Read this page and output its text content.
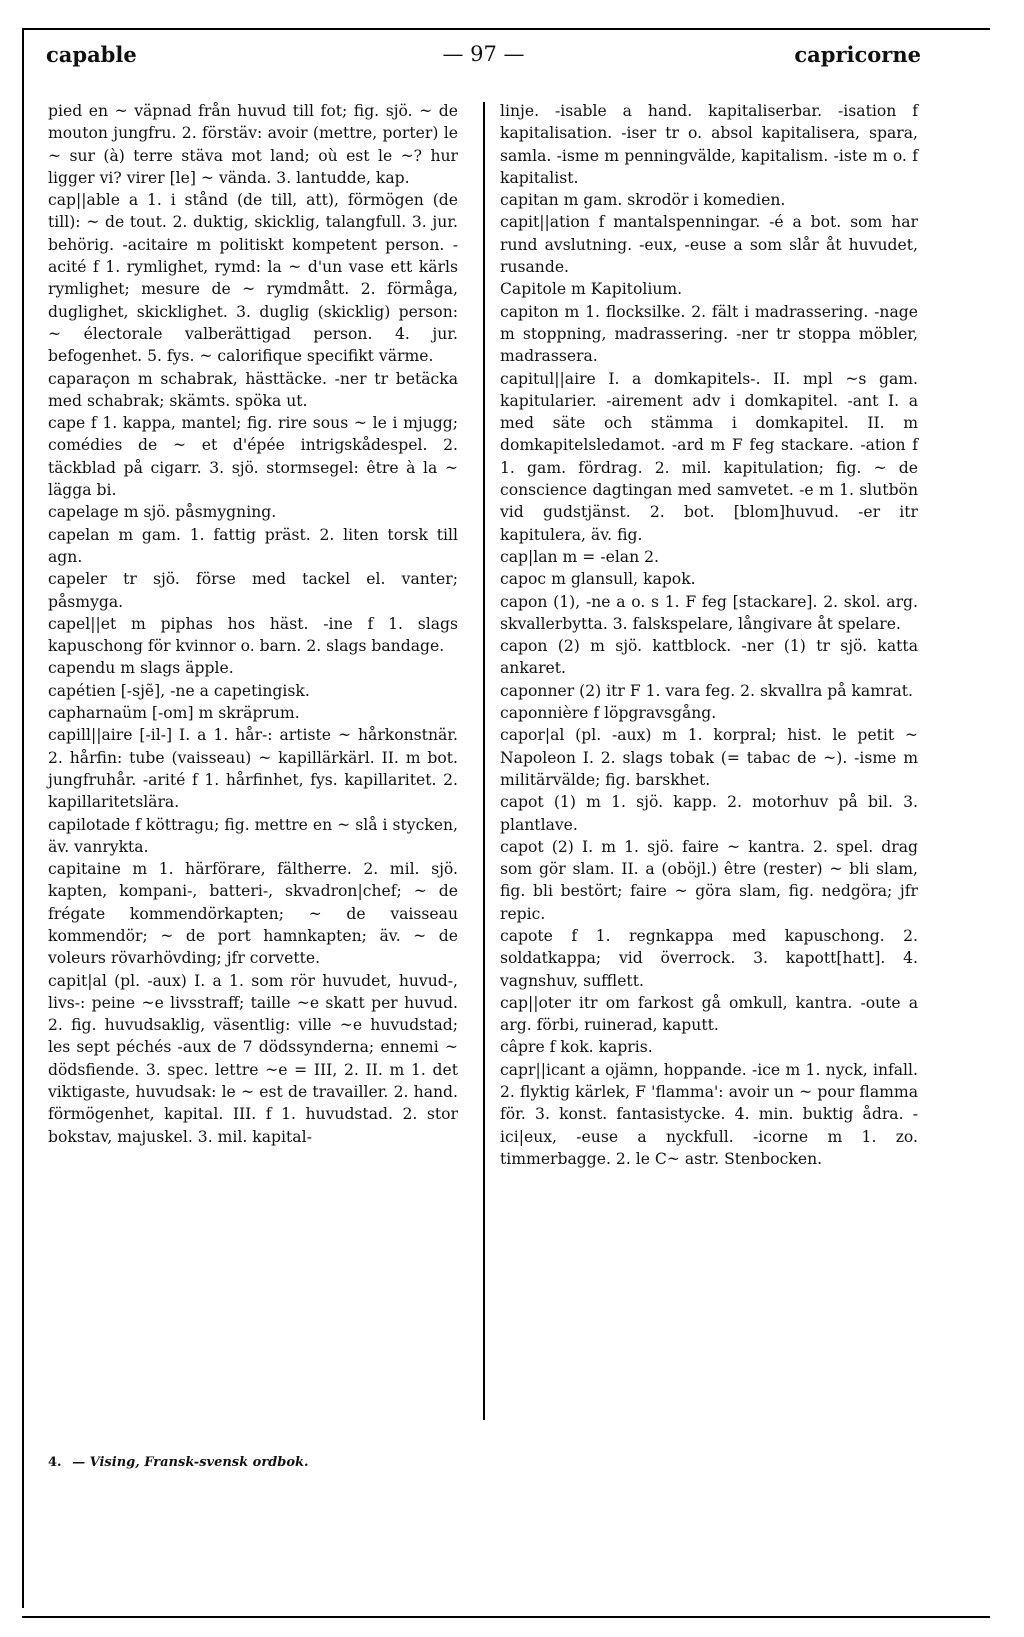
capable	— 97 —	capricorne

pied en ~ väpnad från huvud till fot; fig. sjö. ~ de mouton jungfru. 2. förstäv: avoir (mettre, porter) le ~ sur (à) terre stäva mot land; où est le ~? hur ligger vi? virer [le] ~ vända. 3. lantudde, kap.

cap||able a 1. i stånd (de till, att), förmögen (de till): ~ de tout. 2. duktig, skicklig, talangfull. 3. jur. behörig. -acitaire m politiskt kompetent person. -acité f 1. rymlighet, rymd: la ~ d'un vase ett kärls rymlighet; mesure de ~ rymdmått. 2. förmåga, duglighet, skicklighet. 3. duglig (skicklig) person: ~ électorale valberättigad person. 4. jur. befogenhet. 5. fys. ~ calorifique specifikt värme.

caparaçon m schabrak, hästtäcke. -ner tr betäcka med schabrak; skämts. spöka ut.

cape f 1. kappa, mantel; fig. rire sous ~ le i mjugg; comédies de ~ et d'épée intrigskådespel. 2. täckblad på cigarr. 3. sjö. stormsegel: être à la ~ lägga bi.

capelage m sjö. påsmygning.

capelan m gam. 1. fattig präst. 2. liten torsk till agn.

capeler tr sjö. förse med tackel el. vanter; påsmyga.

capel||et m piphas hos häst. -ine f 1. slags kapuschong för kvinnor o. barn. 2. slags bandage.

capendu m slags äpple.

capétien [-sjẽ], -ne a capetingisk.

capharnaüm [-om] m skräprum.

capill||aire [-il-] I. a 1. hår-: artiste ~ hårkonstnär. 2. hårfin: tube (vaisseau) ~ kapillärkärl. II. m bot. jungfruhår. -arité f 1. hårfinhet, fys. kapillaritet. 2. kapillaritetslära.

capilotade f köttragu; fig. mettre en ~ slå i stycken, äv. vanrykta.

capitaine m 1. härförare, fältherre. 2. mil. sjö. kapten, kompani-, batteri-, skvadron|chef; ~ de frégate kommendörkapten; ~ de vaisseau kommendör; ~ de port hamnkapten; äv. ~ de voleurs rövarhövding; jfr corvette.

capit|al (pl. -aux) I. a 1. som rör huvudet, huvud-, livs-: peine ~e livsstraff; taille ~e skatt per huvud. 2. fig. huvudsaklig, väsentlig: ville ~e huvudstad; les sept péchés -aux de 7 dödssynderna; ennemi ~ dödsfiende. 3. spec. lettre ~e = III, 2. II. m 1. det viktigaste, huvudsak: le ~ est de travailler. 2. hand. förmögenhet, kapital. III. f 1. huvudstad. 2. stor bokstav, majuskel. 3. mil. kapital-

linje. -isable a hand. kapitaliserbar. -isation f kapitalisation. -iser tr o. absol kapitalisera, spara, samla. -isme m penningvälde, kapitalism. -iste m o. f kapitalist.

capitan m gam. skrodör i komedien.

capit||ation f mantalspenningar. -é a bot. som har rund avslutning. -eux, -euse a som slår åt huvudet, rusande.

Capitole m Kapitolium.

capiton m 1. flocksilke. 2. fält i madrassering. -nage m stoppning, madrassering. -ner tr stoppa möbler, madrassera.

capitul||aire I. a domkapitels-. II. mpl ~s gam. kapitularier. -airement adv i domkapitel. -ant I. a med säte och stämma i domkapitel. II. m domkapitelsledamot. -ard m F feg stackare. -ation f 1. gam. fördrag. 2. mil. kapitulation; fig. ~ de conscience dagtingan med samvetet. -e m 1. slutbön vid gudstjänst. 2. bot. [blom]huvud. -er itr kapitulera, äv. fig.

cap|lan m = -elan 2.

capoc m glansull, kapok.

capon (1), -ne a o. s 1. F feg [stackare]. 2. skol. arg. skvallerbytta. 3. falskspelare, långivare åt spelare.

capon (2) m sjö. kattblock. -ner (1) tr sjö. katta ankaret.

caponner (2) itr F 1. vara feg. 2. skvallra på kamrat.

caponnière f löpgravsgång.

capor|al (pl. -aux) m 1. korpral; hist. le petit ~ Napoleon I. 2. slags tobak (= tabac de ~). -isme m militärvälde; fig. barskhet.

capot (1) m 1. sjö. kapp. 2. motorhuv på bil. 3. plantlave.

capot (2) I. m 1. sjö. faire ~ kantra. 2. spel. drag som gör slam. II. a (oböjl.) être (rester) ~ bli slam, fig. bli bestört; faire ~ göra slam, fig. nedgöra; jfr repic.

capote f 1. regnkappa med kapuschong. 2. soldatkappa; vid överrock. 3. kapott[hatt]. 4. vagnshuv, sufflett.

cap||oter itr om farkost gå omkull, kantra. -oute a arg. förbi, ruinerad, kaputt.

câpre f kok. kapris.

capr||icant a ojämn, hoppande. -ice m 1. nyck, infall. 2. flyktig kärlek, F 'flamma': avoir un ~ pour flamma för. 3. konst. fantasistycke. 4. min. buktig ådra. -ici|eux, -euse a nyckfull. -icorne m 1. zo. timmerbagge. 2. le C~ astr. Stenbocken.

4. — Vising, Fransk-svensk ordbok.
